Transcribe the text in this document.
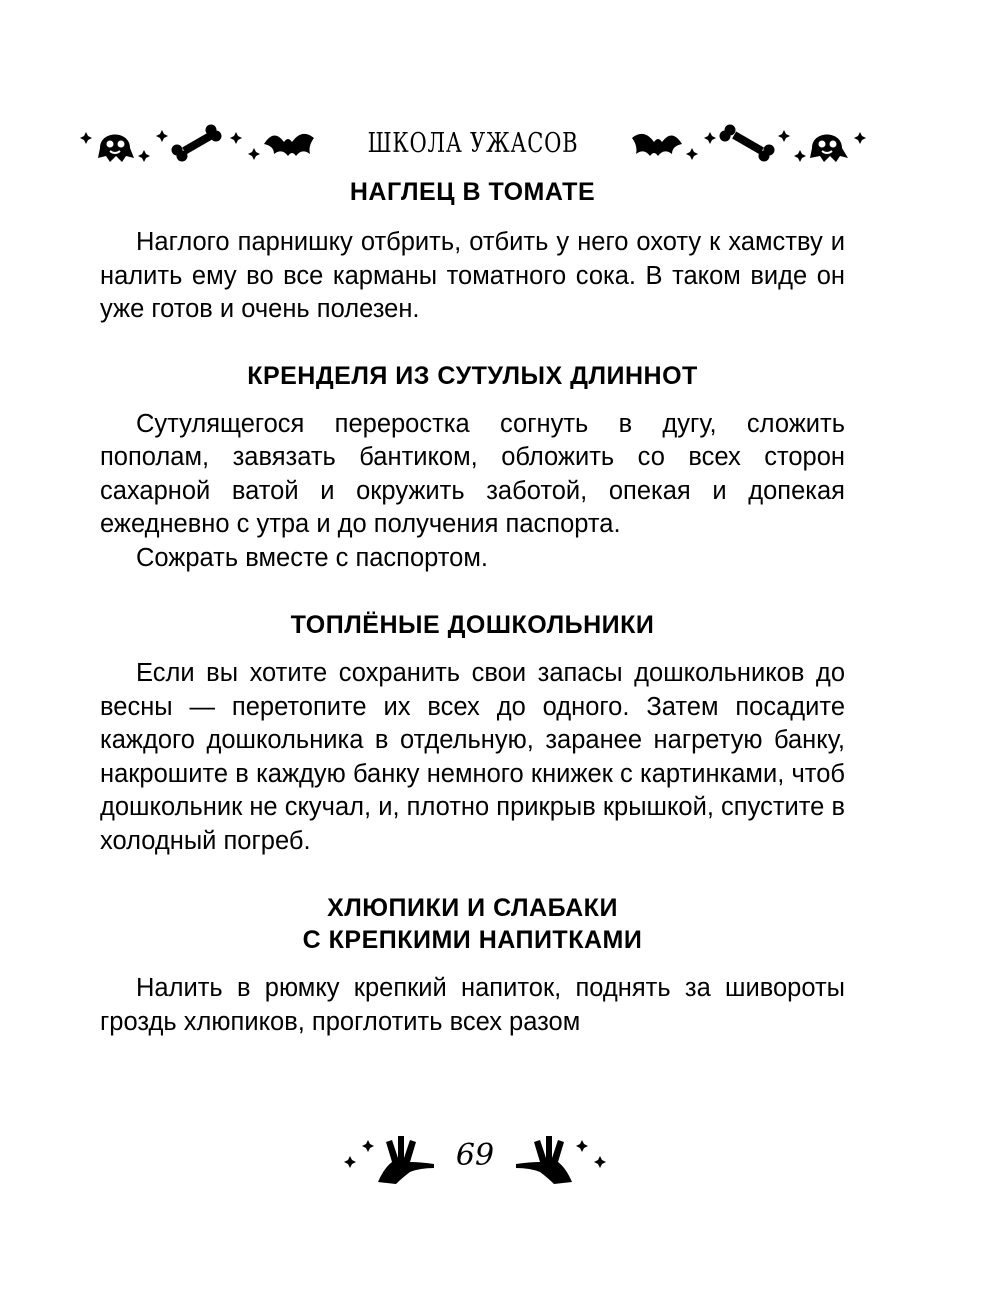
ШКОЛА УЖАСОВ
НАГЛЕЦ В ТОМАТЕ

Наглого парнишку отбрить, отбить у него охоту к хамству и налить ему во все карманы томатного сока. В таком виде он уже готов и очень полезен.

КРЕНДЕЛЯ ИЗ СУТУЛЫХ ДЛИННОТ

Сутулящегося переростка согнуть в дугу, сложить пополам, завязать бантиком, обложить со всех сторон сахарной ватой и окружить заботой, опекая и допекая ежедневно с утра и до получения паспорта.

Сожрать вместе с паспортом.

ТОПЛЁНЫЕ ДОШКОЛЬНИКИ

Если вы хотите сохранить свои запасы дошкольников до весны — перетопите их всех до одного. Затем посадите каждого дошкольника в отдельную, заранее нагретую банку, накрошите в каждую банку немного книжек с картинками, чтоб дошкольник не скучал, и, плотно прикрыв крышкой, спустите в холодный погреб.

ХЛЮПИКИ И СЛАБАКИ
С КРЕПКИМИ НАПИТКАМИ

Налить в рюмку крепкий напиток, поднять за шивороты гроздь хлюпиков, проглотить всех разом

69
